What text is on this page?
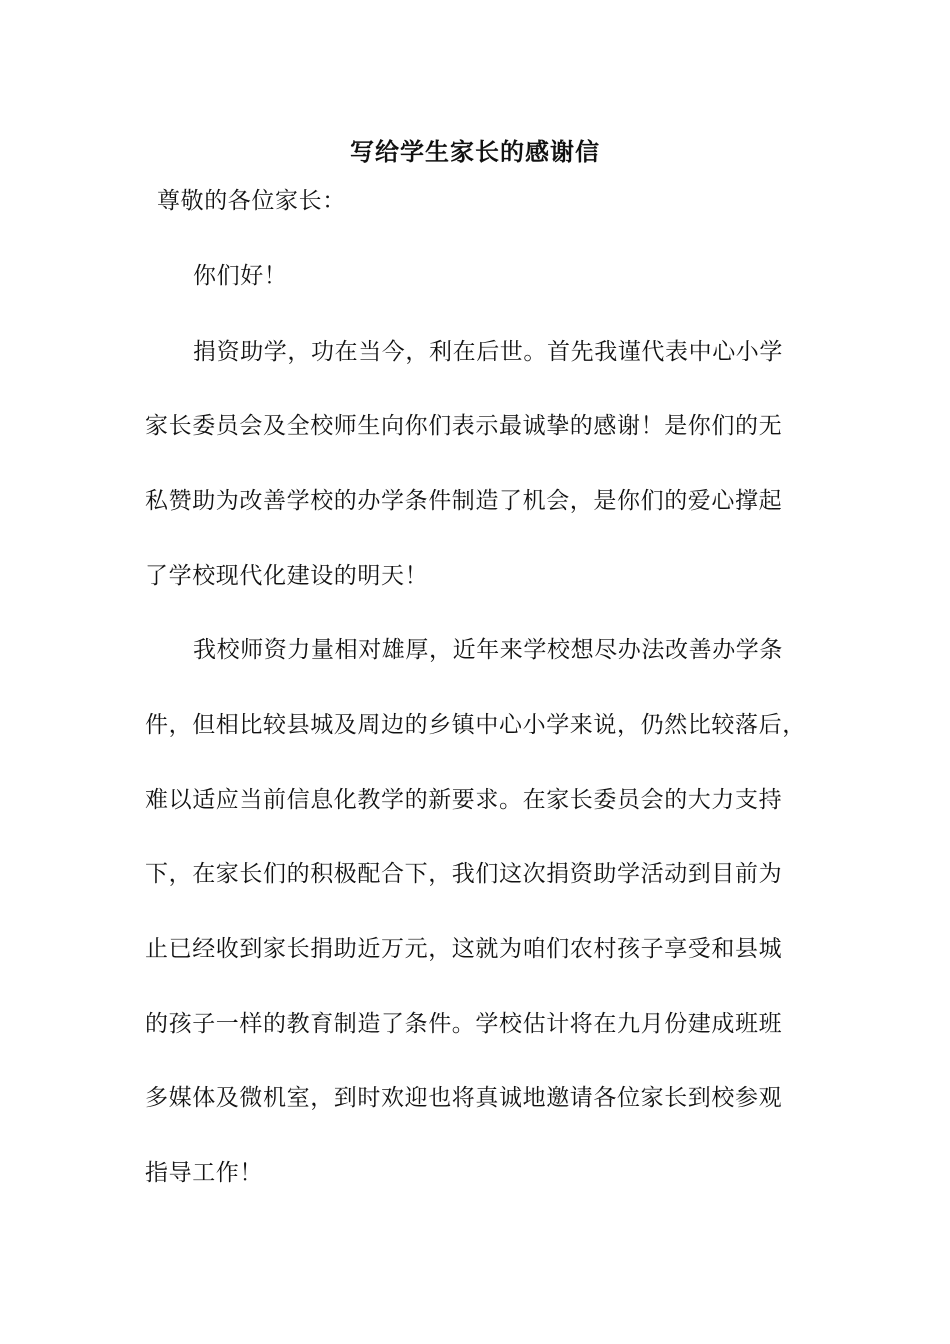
写给学生家长的感谢信
尊敬的各位家长：
你们好！
捐资助学，功在当今，利在后世。首先我谨代表中心小学
家长委员会及全校师生向你们表示最诚挚的感谢！是你们的无
私赞助为改善学校的办学条件制造了机会，是你们的爱心撑起
了学校现代化建设的明天！
我校师资力量相对雄厚，近年来学校想尽办法改善办学条
件，但相比较县城及周边的乡镇中心小学来说，仍然比较落后，
难以适应当前信息化教学的新要求。在家长委员会的大力支持
下，在家长们的积极配合下，我们这次捐资助学活动到目前为
止已经收到家长捐助近万元，这就为咱们农村孩子享受和县城
的孩子一样的教育制造了条件。学校估计将在九月份建成班班
多媒体及微机室，到时欢迎也将真诚地邀请各位家长到校参观
指导工作！
